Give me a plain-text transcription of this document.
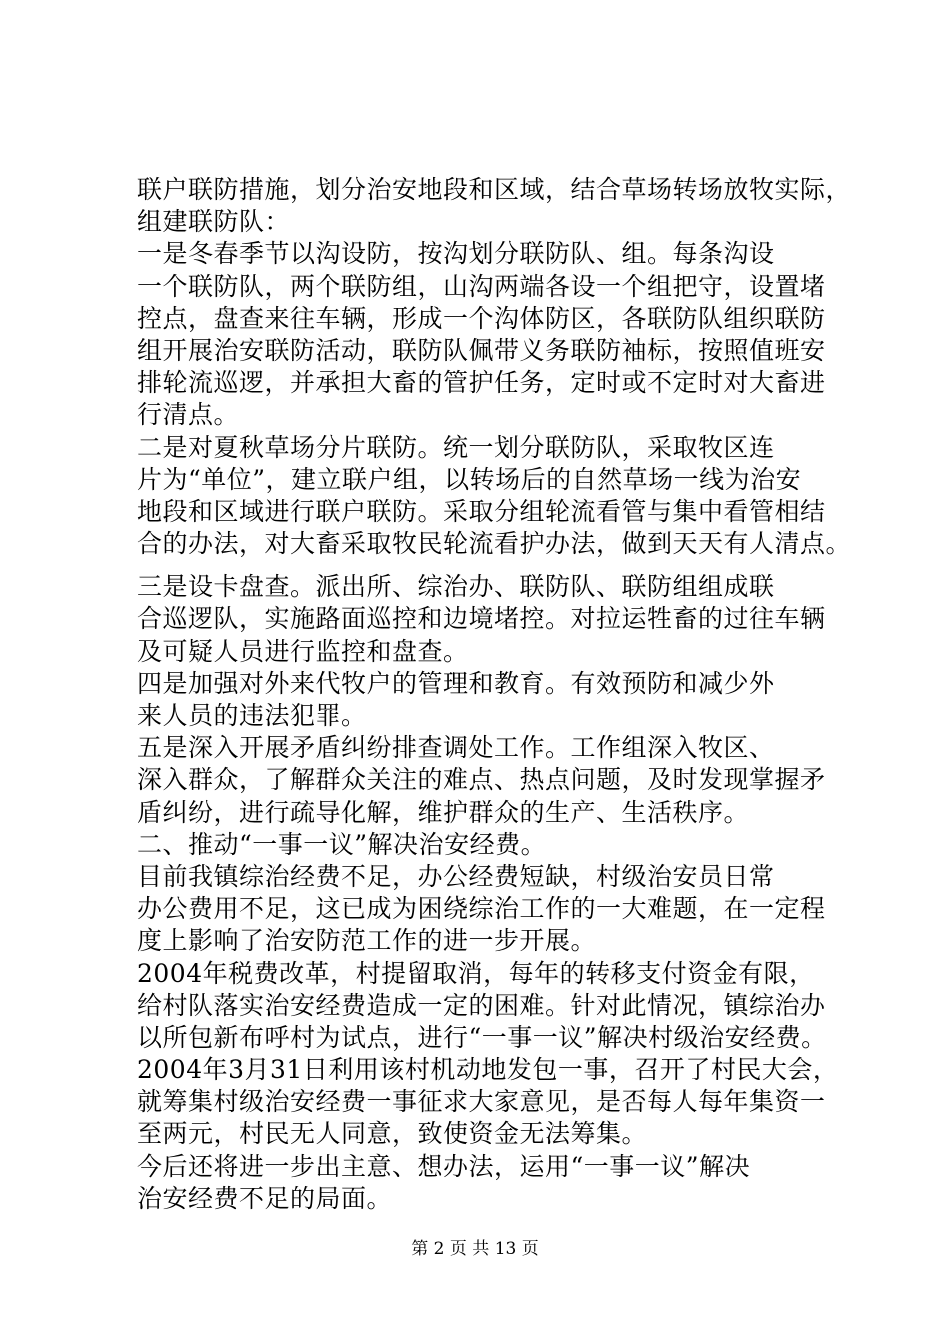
联户联防措施，划分治安地段和区域，结合草场转场放牧实际，
组建联防队：
一是冬春季节以沟设防，按沟划分联防队、组。每条沟设
一个联防队，两个联防组，山沟两端各设一个组把守，设置堵
控点，盘查来往车辆，形成一个沟体防区，各联防队组织联防
组开展治安联防活动，联防队佩带义务联防袖标，按照值班安
排轮流巡逻，并承担大畜的管护任务，定时或不定时对大畜进
行清点。
二是对夏秋草场分片联防。统一划分联防队，采取牧区连
片为“单位”，建立联户组，以转场后的自然草场一线为治安
地段和区域进行联户联防。采取分组轮流看管与集中看管相结
合的办法，对大畜采取牧民轮流看护办法，做到天天有人清点。
三是设卡盘查。派出所、综治办、联防队、联防组组成联
合巡逻队，实施路面巡控和边境堵控。对拉运牲畜的过往车辆
及可疑人员进行监控和盘查。
四是加强对外来代牧户的管理和教育。有效预防和减少外
来人员的违法犯罪。
五是深入开展矛盾纠纷排查调处工作。工作组深入牧区、
深入群众，了解群众关注的难点、热点问题，及时发现掌握矛
盾纠纷，进行疏导化解，维护群众的生产、生活秩序。
二、推动“一事一议”解决治安经费。
目前我镇综治经费不足，办公经费短缺，村级治安员日常
办公费用不足，这已成为困绕综治工作的一大难题，在一定程
度上影响了治安防范工作的进一步开展。
2004年税费改革，村提留取消，每年的转移支付资金有限，
给村队落实治安经费造成一定的困难。针对此情况，镇综治办
以所包新布呼村为试点，进行“一事一议”解决村级治安经费。
2004年3月31日利用该村机动地发包一事，召开了村民大会，
就筹集村级治安经费一事征求大家意见，是否每人每年集资一
至两元，村民无人同意，致使资金无法筹集。
今后还将进一步出主意、想办法，运用“一事一议”解决
治安经费不足的局面。
第 2 页 共 13 页
